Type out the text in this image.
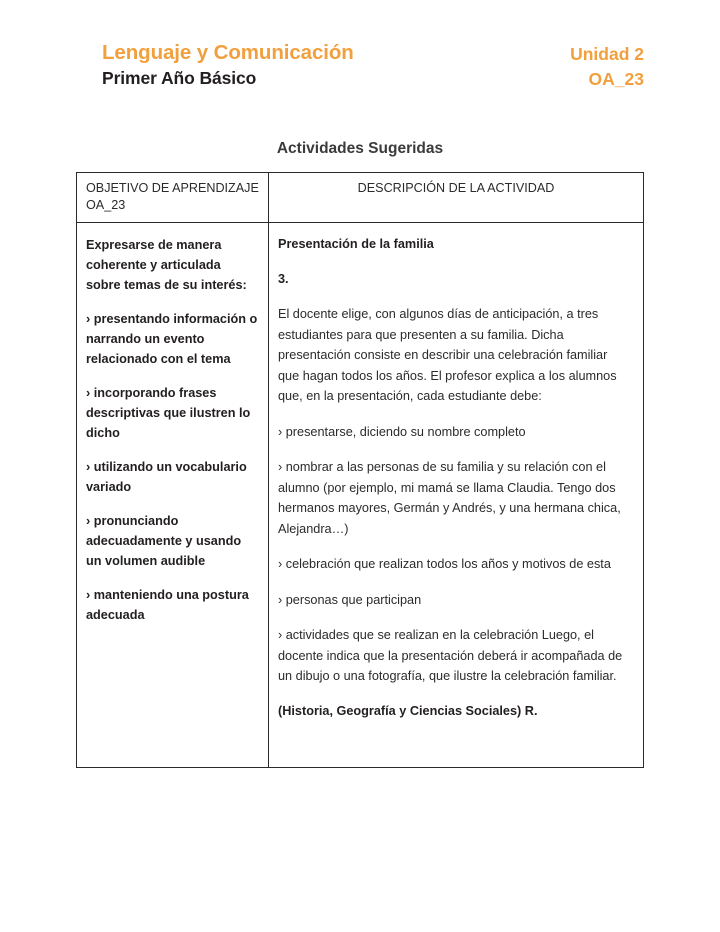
Lenguaje y Comunicación
Primer Año Básico
Unidad 2
OA_23
Actividades Sugeridas
OBJETIVO DE APRENDIZAJE OA_23
DESCRIPCIÓN DE LA ACTIVIDAD

Expresarse de manera coherente y articulada sobre temas de su interés:

› presentando información o narrando un evento relacionado con el tema

› incorporando frases descriptivas que ilustren lo dicho

› utilizando un vocabulario variado

› pronunciando adecuadamente y usando un volumen audible

› manteniendo una postura adecuada

Presentación de la familia

3.

El docente elige, con algunos días de anticipación, a tres estudiantes para que presenten a su familia. Dicha presentación consiste en describir una celebración familiar que hagan todos los años. El profesor explica a los alumnos que, en la presentación, cada estudiante debe:

› presentarse, diciendo su nombre completo

› nombrar a las personas de su familia y su relación con el alumno (por ejemplo, mi mamá se llama Claudia. Tengo dos hermanos mayores, Germán y Andrés, y una hermana chica, Alejandra…)

› celebración que realizan todos los años y motivos de esta

› personas que participan

› actividades que se realizan en la celebración Luego, el docente indica que la presentación deberá ir acompañada de un dibujo o una fotografía, que ilustre la celebración familiar.

(Historia, Geografía y Ciencias Sociales) R.
